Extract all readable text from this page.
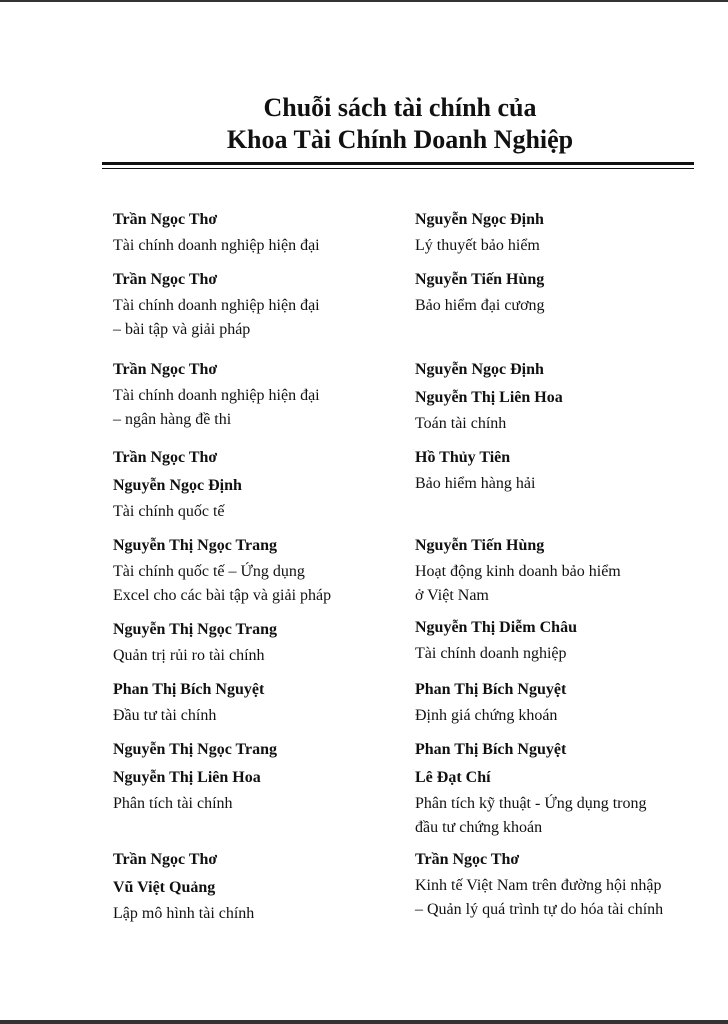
Chuỗi sách tài chính của
Khoa Tài Chính Doanh Nghiệp
Trần Ngọc Thơ
Tài chính doanh nghiệp hiện đại
Trần Ngọc Thơ
Tài chính doanh nghiệp hiện đại
– bài tập và giải pháp
Trần Ngọc Thơ
Tài chính doanh nghiệp hiện đại
– ngân hàng đề thi
Trần Ngọc Thơ
Nguyễn Ngọc Định
Tài chính quốc tế
Nguyễn Thị Ngọc Trang
Tài chính quốc tế – Ứng dụng
Excel cho các bài tập và giải pháp
Nguyễn Thị Ngọc Trang
Quản trị rủi ro tài chính
Phan Thị Bích Nguyệt
Đầu tư tài chính
Nguyễn Thị Ngọc Trang
Nguyễn Thị Liên Hoa
Phân tích tài chính
Trần Ngọc Thơ
Vũ Việt Quảng
Lập mô hình tài chính
Nguyễn Ngọc Định
Lý thuyết bảo hiểm
Nguyễn Tiến Hùng
Bảo hiểm đại cương
Nguyễn Ngọc Định
Nguyễn Thị Liên Hoa
Toán tài chính
Hồ Thủy Tiên
Bảo hiểm hàng hải
Nguyễn Tiến Hùng
Hoạt động kinh doanh bảo hiểm
ở Việt Nam
Nguyễn Thị Diễm Châu
Tài chính doanh nghiệp
Phan Thị Bích Nguyệt
Định giá chứng khoán
Phan Thị Bích Nguyệt
Lê Đạt Chí
Phân tích kỹ thuật - Ứng dụng trong
đầu tư chứng khoán
Trần Ngọc Thơ
Kinh tế Việt Nam trên đường hội nhập
– Quản lý quá trình tự do hóa tài chính
